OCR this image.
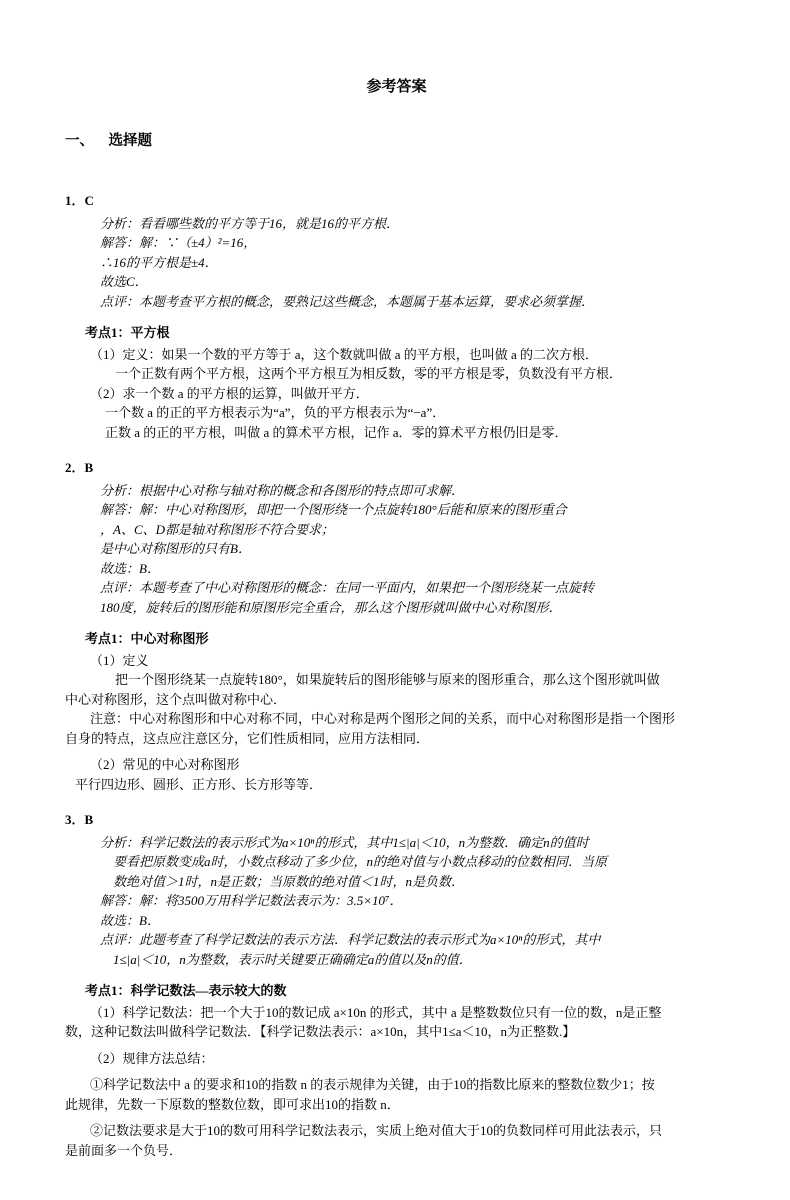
参考答案
一、    选择题
1．C
分析：看看哪些数的平方等于16，就是16的平方根．
解答：解：∵（±4）²=16，
∴16的平方根是±4．
故选C．
点评：本题考查平方根的概念，要熟记这些概念，本题属于基本运算，要求必须掌握．
考点1：平方根
（1）定义：如果一个数的平方等于 a，这个数就叫做 a 的平方根，也叫做 a 的二次方根．
一个正数有两个平方根，这两个平方根互为相反数，零的平方根是零，负数没有平方根．
（2）求一个数 a 的平方根的运算，叫做开平方．
一个数 a 的正的平方根表示为“a”，负的平方根表示为“−a”．
正数 a 的正的平方根，叫做 a 的算术平方根，记作 a．零的算术平方根仍旧是零．
2．B
分析：根据中心对称与轴对称的概念和各图形的特点即可求解．
解答：解：中心对称图形，即把一个图形绕一个点旋转180°后能和原来的图形重合
，A、C、D都是轴对称图形不符合要求；
是中心对称图形的只有B．
故选：B．
点评：本题考查了中心对称图形的概念：在同一平面内，如果把一个图形绕某一点旋转
180度，旋转后的图形能和原图形完全重合，那么这个图形就叫做中心对称图形．
考点1：中心对称图形
（1）定义
把一个图形绕某一点旋转180°，如果旋转后的图形能够与原来的图形重合，那么这个图形就叫做
中心对称图形，这个点叫做对称中心．
注意：中心对称图形和中心对称不同，中心对称是两个图形之间的关系，而中心对称图形是指一个图形
自身的特点，这点应注意区分，它们性质相同，应用方法相同．
（2）常见的中心对称图形
平行四边形、圆形、正方形、长方形等等．
3．B
分析：科学记数法的表示形式为a×10ⁿ的形式，其中1≤|a|＜10，n为整数．确定n的值时
要看把原数变成a时，小数点移动了多少位，n的绝对值与小数点移动的位数相同．当原
数绝对值＞1时，n是正数；当原数的绝对值＜1时，n是负数．
解答：解：将3500万用科学记数法表示为：3.5×10⁷．
故选：B．
点评：此题考查了科学记数法的表示方法．科学记数法的表示形式为a×10ⁿ的形式，其中
1≤|a|＜10，n为整数，表示时关键要正确确定a的值以及n的值．
考点1：科学记数法—表示较大的数
（1）科学记数法：把一个大于10的数记成 a×10n 的形式，其中 a 是整数数位只有一位的数，n是正整
数，这种记数法叫做科学记数法．【科学记数法表示：a×10n，其中1≤a＜10，n为正整数.】
（2）规律方法总结：
①科学记数法中 a 的要求和10的指数 n 的表示规律为关键，由于10的指数比原来的整数位数少1；按
此规律，先数一下原数的整数位数，即可求出10的指数 n．
②记数法要求是大于10的数可用科学记数法表示，实质上绝对值大于10的负数同样可用此法表示，只
是前面多一个负号．
